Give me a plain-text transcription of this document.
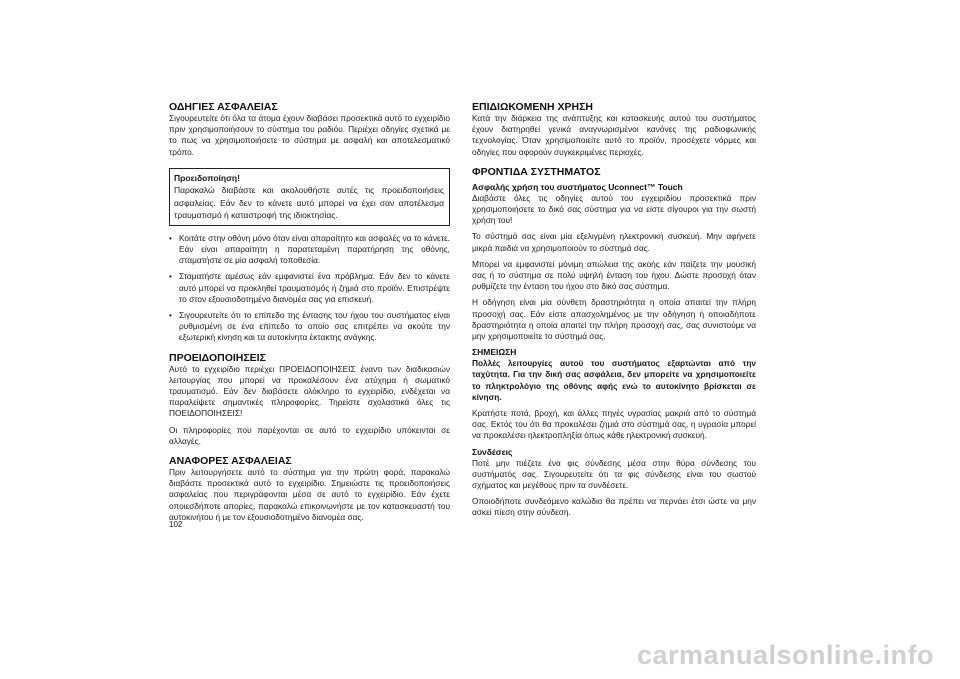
ΟΔΗΓΙΕΣ ΑΣΦΑΛΕΙΑΣ

Σιγουρευτείτε ότι όλα τα άτομα έχουν διαβάσει προσεκτικά αυτό το εγχειρίδιο πριν χρησιμοποιήσουν το σύστημα του ραδιόυ. Περιέχει οδηγίες σχετικά με το πως να χρησιμοποιήσετε το σύστημα με ασφαλή και αποτελεσματικό τρόπο.

Προειδοποίηση!
Παρακαλώ διαβάστε και ακολουθήστε αυτές τις προειδοποιήσεις ασφαλείας. Εάν δεν το κάνετε αυτό μπορεί να έχει σαν αποτέλεσμα τραυματισμό ή καταστροφή της ιδιοκτησίας.
• Κοιτάτε στην οθόνη μόνο όταν είναι απαραίτητο και ασφαλές να το κάνετε. Εάν είναι απαραίτητη η παρατεταμένη παρατήρηση της οθόνης, σταματήστε σε μία ασφαλή τοποθεσία.
• Σταματήστε αμέσως εάν εμφανιστεί ένα πρόβλημα. Εάν δεν το κάνετε αυτό μπορεί να προκληθεί τραυματισμός ή ζημιά στο προϊόν. Επιστρέψτε το στον εξουσιοδοτημένο διανομέα σας για επισκευή.
• Σιγουρευτείτε ότι το επίπεδο της έντασης του ήχου του συστήματος είναι ρυθμισμένη σε ένα επίπεδο το οποίο σας επιτρέπει να ακούτε την εξωτερική κίνηση και τα αυτοκίνητα έκτακτης ανάγκης.
ΠΡΟΕΙΔΟΠΟΙΗΣΕΙΣ

Αυτό το εγχειρίδιο περιέχει ΠΡΟΕΙΔΟΠΟΙΗΣΕΙΣ έναντι των διαδικασιών λειτουργίας που μπορεί να προκαλέσουν ένα ατύχημα ή σωματικό τραυματισμό. Εάν δεν διαβάσετε ολόκληρο το εγχειρίδιο, ενδέχεται να παραλείψετε σημαντικές πληροφορίες. Τηρείστε σχολαστικά όλες τις ΠΟΕΙΔΟΠΟΙΗΣΕΙΣ!

Οι πληροφορίες που παρέχονται σε αυτό το εγχειρίδιο υπόκεινται σε αλλαγές.

ΑΝΑΦΟΡΕΣ ΑΣΦΑΛΕΙΑΣ

Πριν λειτουργήσετε αυτό το σύστημα για την πρώτη φορά, παρακαλώ διαβάστε προσεκτικά αυτό το εγχειρίδιο. Σημειώστε τις προειδοποιήσεις ασφαλείας που περιγράφονται μέσα σε αυτό το εγχειρίδιο. Εάν έχετε οποιεσδήποτε απορίες, παρακαλώ επικοινωνήστε με τον κατασκευαστή του αυτοκινήτου ή με τον εξουσιοδοτημένο διανομέα σας.

ΕΠΙΔΙΩΚΟΜΕΝΗ ΧΡΗΣΗ

Κατά την διάρκεια της ανάπτυξης και κατασκευής αυτού του συστήματος έχουν διατηρηθεί γενικά αναγνωρισμένοι κανόνες της ραδιοφωνικής τεχνολογίας. Όταν χρησιμοποιείτε αυτό το προϊόν, προσέχετε νόρμες και οδηγίες που αφορούν συγκεκριμένες περιοχές.

ΦΡΟΝΤΙΔΑ ΣΥΣΤΗΜΑΤΟΣ
Ασφαλής χρήση του συστήματος Uconnect™ Touch

Διαβάστε όλες τις οδηγίες αυτού του εγχειριδίου προσεκτικά πριν χρησιμοποιήσετε το δικό σας σύστημα για να είστε σίγουροι για την σωστή χρήση του!

Το σύστημά σας είναι μία εξελιγμένη ηλεκτρονική συσκευή. Μην αφήνετε μικρά παιδιά να χρησιμοποιούν το σύστημά σας.

Μπορεί να εμφανιστεί μόνιμη απώλεια της ακοής εάν παίζετε την μουσική σας ή το σύστημα σε πολύ υψηλή ένταση του ήχου. Δώστε προσοχή όταν ρυθμίζετε την ένταση του ήχου στο δικό σας σύστημα.

Η οδήγηση είναι μία σύνθετη δραστηριότητα η οποία απαιτεί την πλήρη προσοχή σας. Εάν είστε απασχολημένος με την οδήγηση ή οποιαδήποτε δραστηριότητα η οποία απαιτεί την πλήρη προσοχή σας, σας συνιστούμε να μην χρησιμοποιείτε το σύστημά σας.

ΣΗΜΕΙΩΣΗ

Πολλές λειτουργίες αυτού του συστήματος εξαρτώνται από την ταχύτητα. Για την δική σας ασφάλεια, δεν μπορείτε να χρησιμοποιείτε το πληκτρολόγιο της οθόνης αφής ενώ το αυτοκίνητο βρίσκεται σε κίνηση.

Κρατήστε ποτά, βροχή, και άλλες πηγές υγρασίας μακριά από το σύστημά σας. Εκτός του ότι θα προκαλέσει ζημιά στο σύστημά σας, η υγρασία μπορεί να προκαλέσει ηλεκτροπληξία όπως κάθε ηλεκτρονική συσκευή.

Συνδέσεις

Ποτέ μην πιέζετε ένα φις σύνδεσης μέσα στην θύρα σύνδεσης του συστήματός σας. Σιγουρευτείτε ότι τα φις σύνδεσης είναι του σωστού σχήματος και μεγέθους πριν τα συνδέσετε.

Οποιοδήποτε συνδεόμενο καλώδιο θα πρέπει να περνάει έτσι ώστε να μην ασκεί πίεση στην σύνδεση.

102
carmanualsonline.info
